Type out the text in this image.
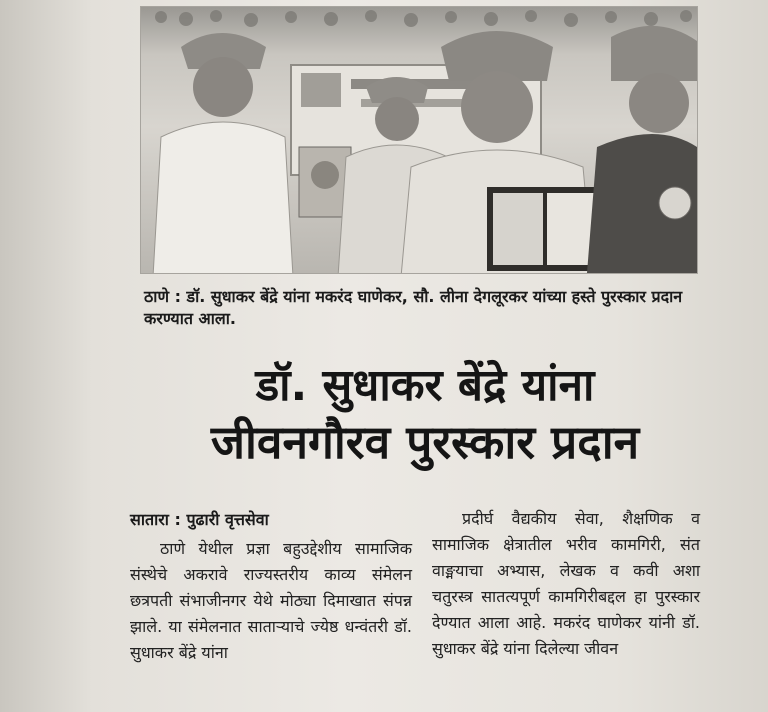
ठाणे : डॉ. सुधाकर बेंद्रे यांना मकरंद घाणेकर, सौ. लीना देगलूरकर यांच्या हस्ते पुरस्कार प्रदान करण्यात आला.
डॉ. सुधाकर बेंद्रे यांना
जीवनगौरव पुरस्कार प्रदान
सातारा : पुढारी वृत्तसेवा

ठाणे येथील प्रज्ञा बहुउद्देशीय सामाजिक संस्थेचे अकरावे राज्यस्तरीय काव्य संमेलन छत्रपती संभाजीनगर येथे मोठ्या दिमाखात संपन्न झाले. या संमेलनात साताऱ्याचे ज्येष्ठ धन्वंतरी डॉ. सुधाकर बेंद्रे यांना

प्रदीर्घ वैद्यकीय सेवा, शैक्षणिक व सामाजिक क्षेत्रातील भरीव कामगिरी, संत वाङ्मयाचा अभ्यास, लेखक व कवी अशा चतुरस्त्र सातत्यपूर्ण कामगिरीबद्दल हा पुरस्कार देण्यात आला आहे. मकरंद घाणेकर यांनी डॉ. सुधाकर बेंद्रे यांना दिलेल्या जीवन
